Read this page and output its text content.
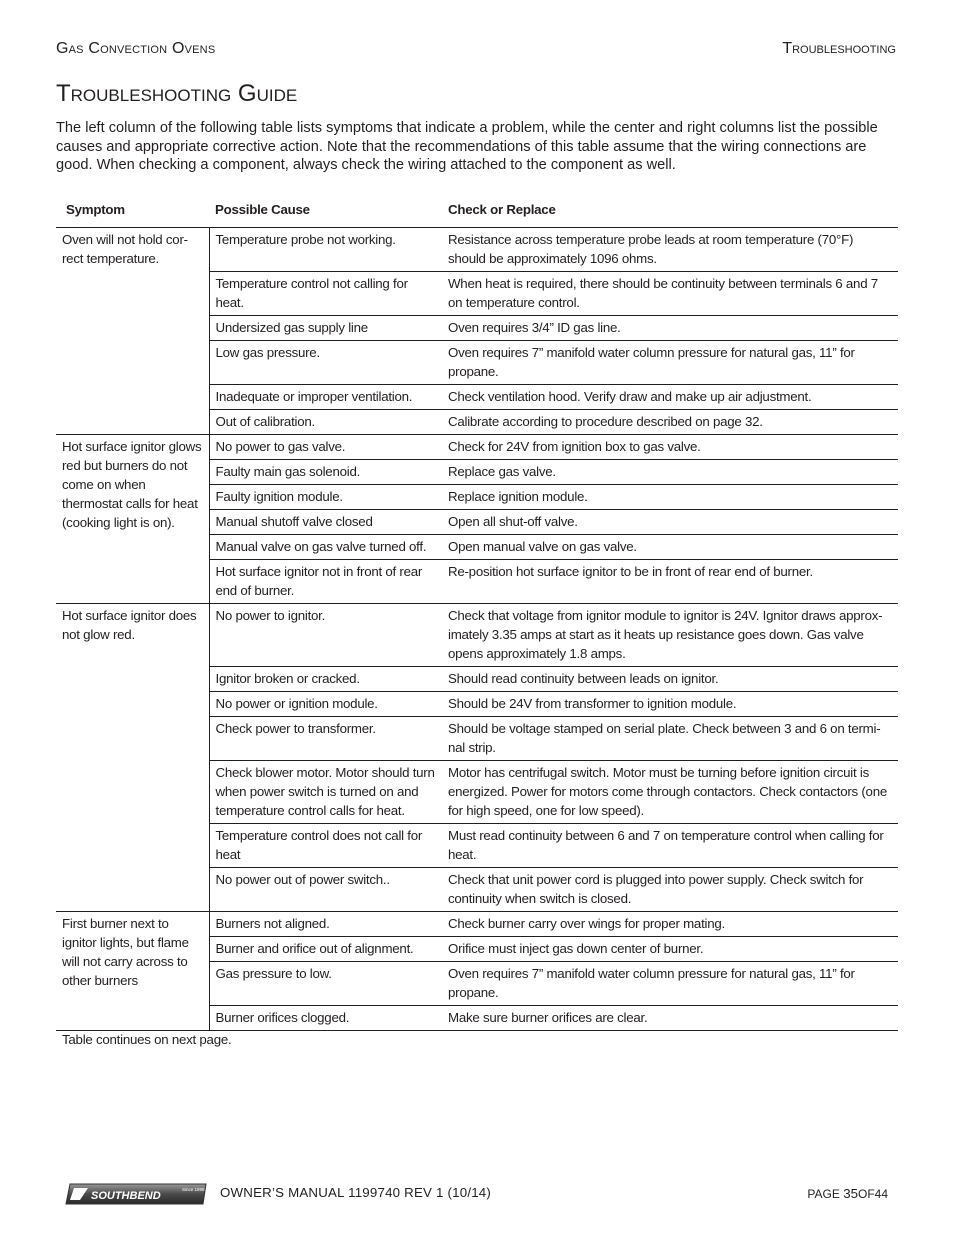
Gas Convection Ovens	Troubleshooting
Troubleshooting Guide

The left column of the following table lists symptoms that indicate a problem, while the center and right columns list the possible causes and appropriate corrective action. Note that the recommendations of this table assume that the wiring connections are good. When checking a component, always check the wiring attached to the component as well.

Symptom	Possible Cause	Check or Replace
Oven will not hold cor-rect temperature.	Temperature probe not working.	Resistance across temperature probe leads at room temperature (70°F) should be approximately 1096 ohms.
	Temperature control not calling for heat.	When heat is required, there should be continuity between terminals 6 and 7 on temperature control.
	Undersized gas supply line	Oven requires 3/4” ID gas line.
	Low gas pressure.	Oven requires 7” manifold water column pressure for natural gas, 11” for propane.
	Inadequate or improper ventilation.	Check ventilation hood. Verify draw and make up air adjustment.
	Out of calibration.	Calibrate according to procedure described on page 32.
Hot surface ignitor glows red but burners do not come on when thermostat calls for heat (cooking light is on).	No power to gas valve.	Check for 24V from ignition box to gas valve.
	Faulty main gas solenoid.	Replace gas valve.
	Faulty ignition module.	Replace ignition module.
	Manual shutoff valve closed	Open all shut-off valve.
	Manual valve on gas valve turned off.	Open manual valve on gas valve.
	Hot surface ignitor not in front of rear end of burner.	Re-position hot surface ignitor to be in front of rear end of burner.
Hot surface ignitor does not glow red.	No power to ignitor.	Check that voltage from ignitor module to ignitor is 24V. Ignitor draws approx-imately 3.35 amps at start as it heats up resistance goes down. Gas valve opens approximately 1.8 amps.
	Ignitor broken or cracked.	Should read continuity between leads on ignitor.
	No power or ignition module.	Should be 24V from transformer to ignition module.
	Check power to transformer.	Should be voltage stamped on serial plate. Check between 3 and 6 on termi-nal strip.
	Check blower motor. Motor should turn when power switch is turned on and temperature control calls for heat.	Motor has centrifugal switch. Motor must be turning before ignition circuit is energized. Power for motors come through contactors. Check contactors (one for high speed, one for low speed).
	Temperature control does not call for heat	Must read continuity between 6 and 7 on temperature control when calling for heat.
	No power out of power switch..	Check that unit power cord is plugged into power supply. Check switch for continuity when switch is closed.
First burner next to ignitor lights, but flame will not carry across to other burners	Burners not aligned.	Check burner carry over wings for proper mating.
	Burner and orifice out of alignment.	Orifice must inject gas down center of burner.
	Gas pressure to low.	Oven requires 7” manifold water column pressure for natural gas, 11” for propane.
	Burner orifices clogged.	Make sure burner orifices are clear.
Table continues on next page.
SOUTHBEND
Since 1898 OWNER’S MANUAL 1199740 REV 1 (10/14)	PAGE 35OF44
